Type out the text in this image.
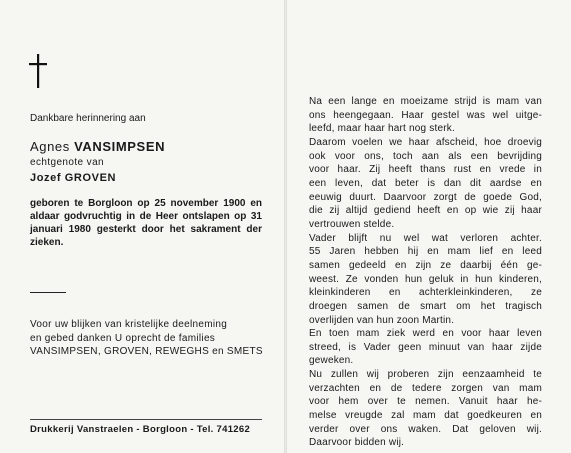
Dankbare herinnering aan
Agnes VANSIMPSEN
echtgenote van
Jozef GROVEN
geboren te Borgloon op 25 november 1900 en aldaar godvruchtig in de Heer ontslapen op 31 januari 1980 gesterkt door het sakrament der zieken.
Voor uw blijken van kristelijke deelneming
en gebed danken U oprecht de families
VANSIMPSEN, GROVEN, REWEGHS en SMETS
Drukkerij Vanstraelen - Borgloon - Tel. 741262
Na een lange en moeizame strijd is mam van
ons heengegaan. Haar gestel was wel uitge-
leefd, maar haar hart nog sterk.
Daarom voelen we haar afscheid, hoe droevig
ook voor ons, toch aan als een bevrijding
voor haar. Zij heeft thans rust en vrede in
een leven, dat beter is dan dit aardse en
eeuwig duurt. Daarvoor zorgt de goede God,
die zij altijd gediend heeft en op wie zij haar
vertrouwen stelde.
Vader blijft nu wel wat verloren achter.
55 Jaren hebben hij en mam lief en leed
samen gedeeld en zijn ze daarbij één ge-
weest. Ze vonden hun geluk in hun kinderen,
kleinkinderen en achterkleinkinderen, ze
droegen samen de smart om het tragisch
overlijden van hun zoon Martin.
En toen mam ziek werd en voor haar leven
streed, is Vader geen minuut van haar zijde
geweken.
Nu zullen wij proberen zijn eenzaamheid te
verzachten en de tedere zorgen van mam
voor hem over te nemen. Vanuit haar he-
melse vreugde zal mam dat goedkeuren en
verder over ons waken. Dat geloven wij.
Daarvoor bidden wij.
